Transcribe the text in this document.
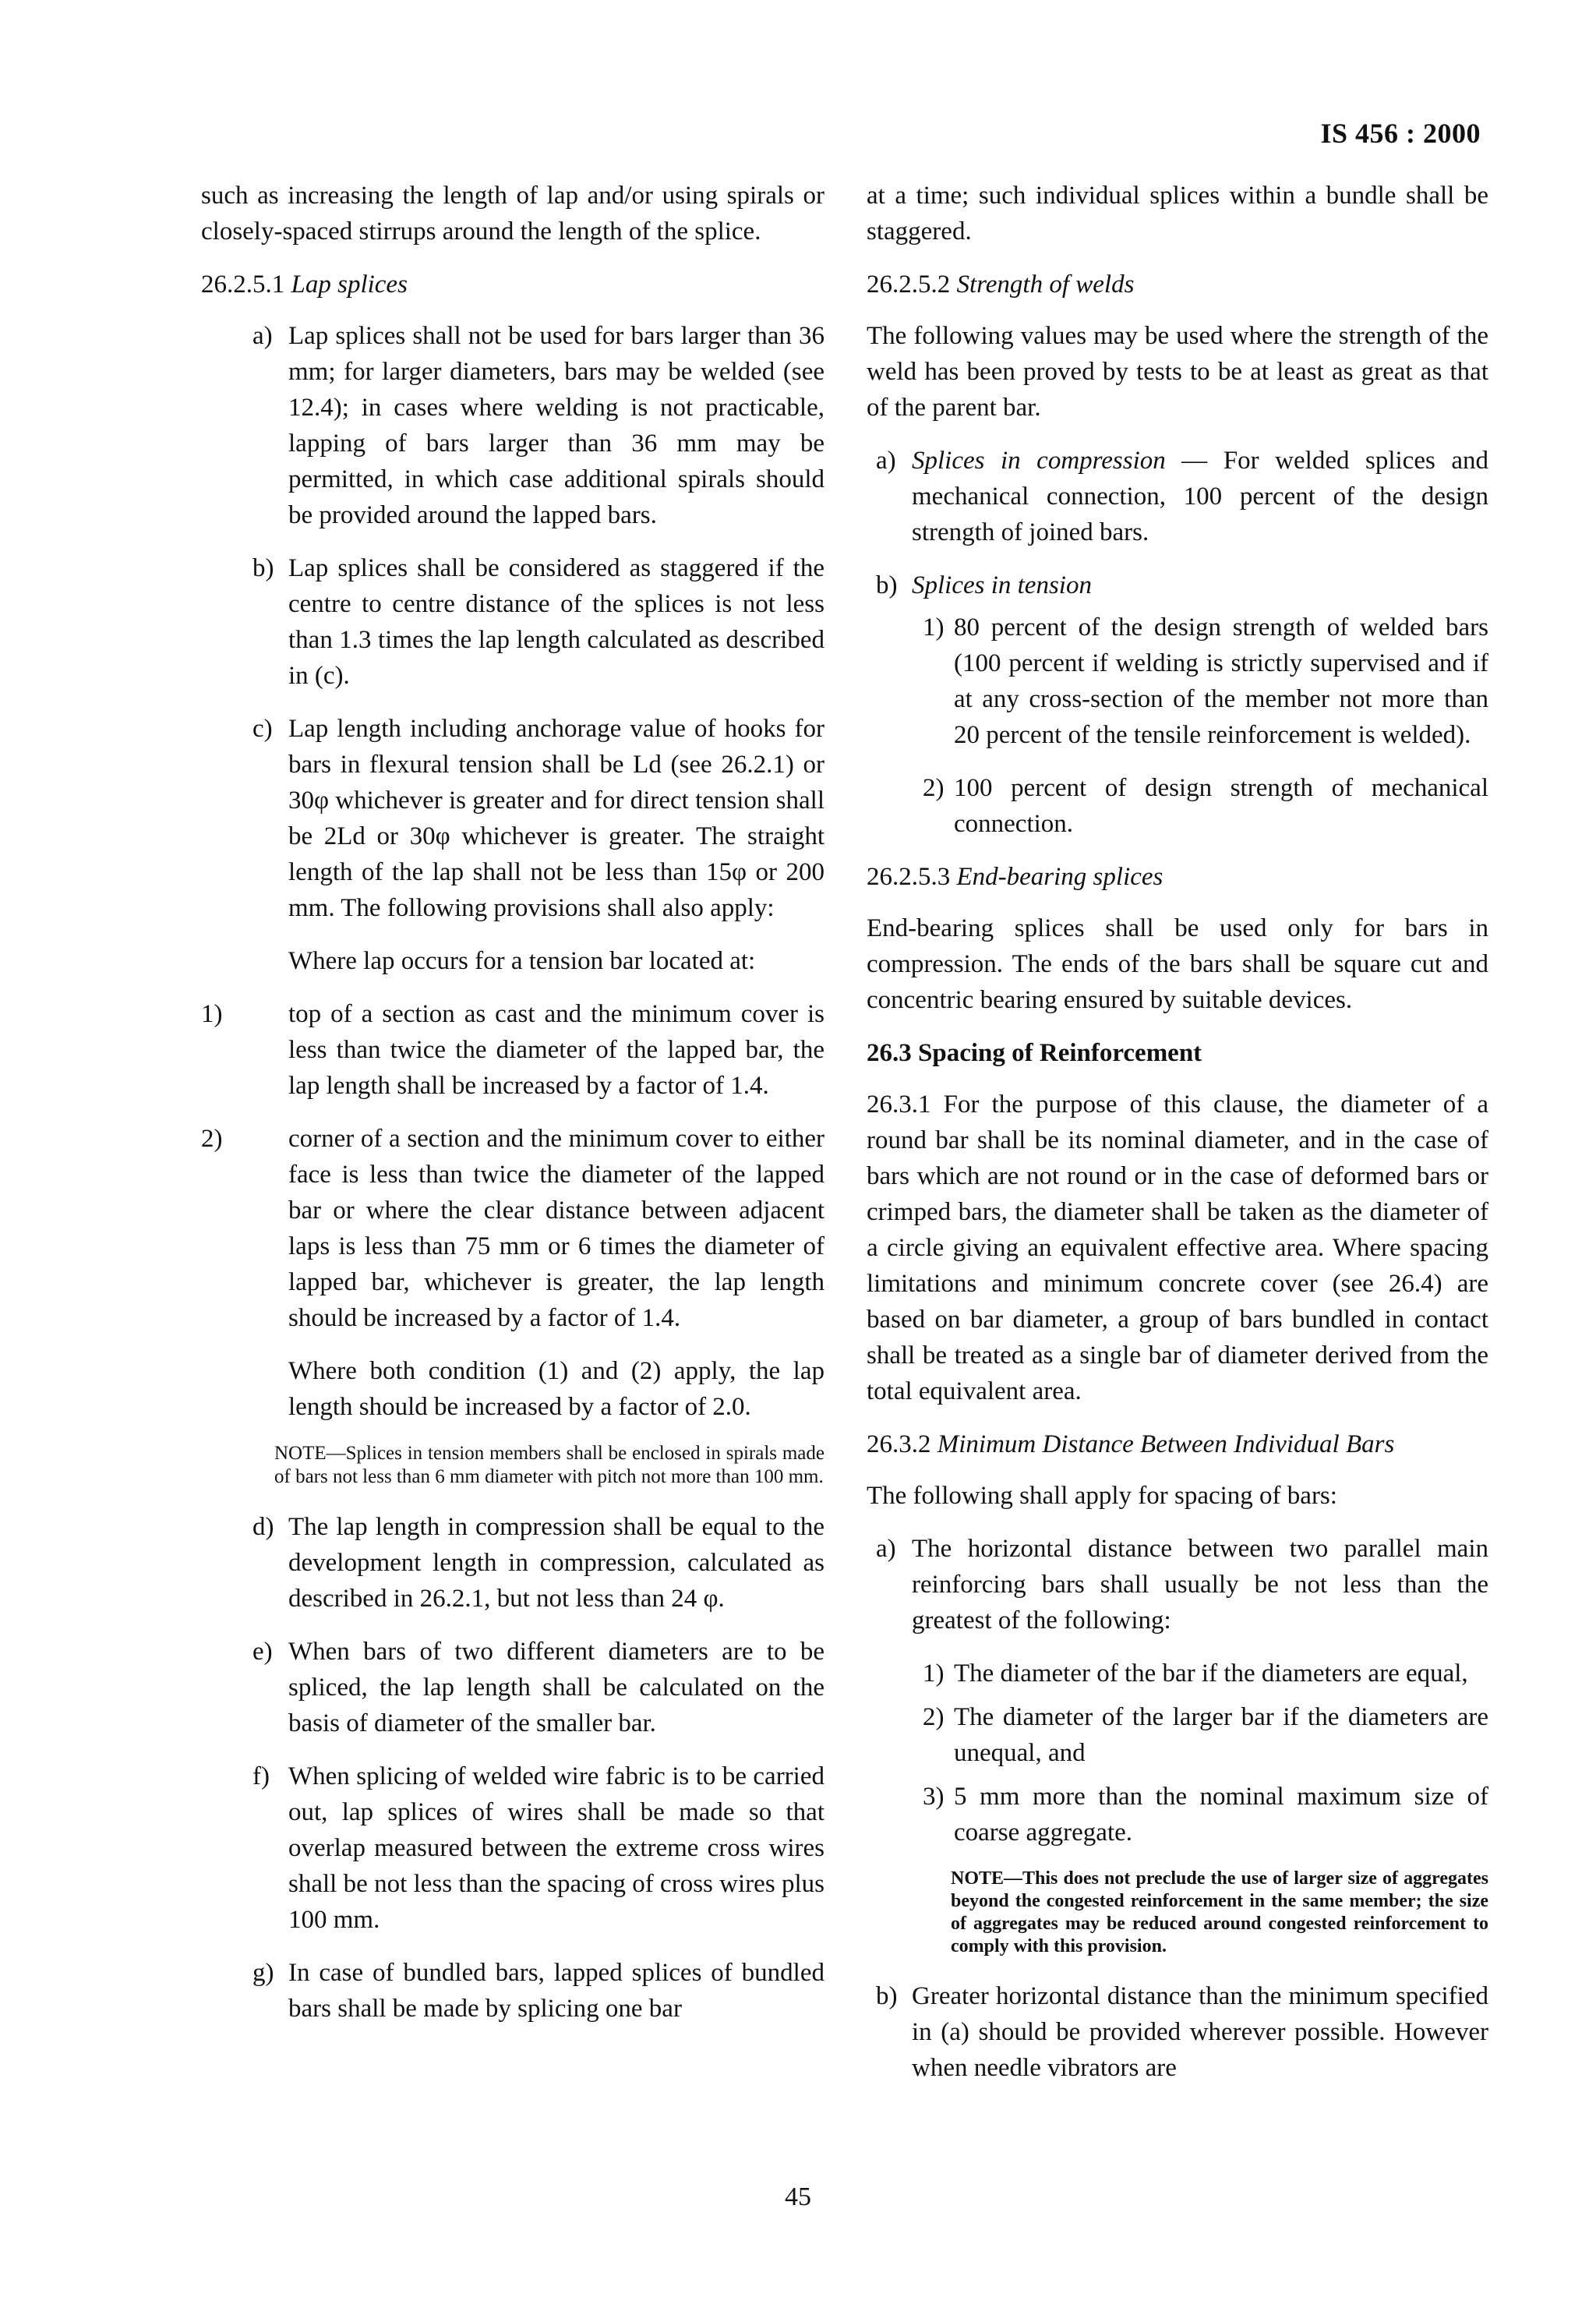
IS 456 : 2000

such as increasing the length of lap and/or using spirals or closely-spaced stirrups around the length of the splice.

26.2.5.1 Lap splices
a) Lap splices shall not be used for bars larger than 36 mm; for larger diameters, bars may be welded (see 12.4); in cases where welding is not practicable, lapping of bars larger than 36 mm may be permitted, in which case additional spirals should be provided around the lapped bars.
b) Lap splices shall be considered as staggered if the centre to centre distance of the splices is not less than 1.3 times the lap length calculated as described in (c).
c) Lap length including anchorage value of hooks for bars in flexural tension shall be Ld (see 26.2.1) or 30φ whichever is greater and for direct tension shall be 2Ld or 30φ whichever is greater. The straight length of the lap shall not be less than 15φ or 200 mm. The following provisions shall also apply:

Where lap occurs for a tension bar located at:

1)	top of a section as cast and the minimum cover is less than twice the diameter of the lapped bar, the lap length shall be increased by a factor of 1.4.
2)	corner of a section and the minimum cover to either face is less than twice the diameter of the lapped bar or where the clear distance between adjacent laps is less than 75 mm or 6 times the diameter of lapped bar, whichever is greater, the lap length should be increased by a factor of 1.4.

Where both condition (1) and (2) apply, the lap length should be increased by a factor of 2.0.

NOTE—Splices in tension members shall be enclosed in spirals made of bars not less than 6 mm diameter with pitch not more than 100 mm.

d) The lap length in compression shall be equal to the development length in compression, calculated as described in 26.2.1, but not less than 24 φ.
e) When bars of two different diameters are to be spliced, the lap length shall be calculated on the basis of diameter of the smaller bar.
f) When splicing of welded wire fabric is to be carried out, lap splices of wires shall be made so that overlap measured between the extreme cross wires shall be not less than the spacing of cross wires plus 100 mm.
g) In case of bundled bars, lapped splices of bundled bars shall be made by splicing one bar

at a time; such individual splices within a bundle shall be staggered.

26.2.5.2 Strength of welds

The following values may be used where the strength of the weld has been proved by tests to be at least as great as that of the parent bar.

a) Splices in compression — For welded splices and mechanical connection, 100 percent of the design strength of joined bars.
b) Splices in tension
1) 80 percent of the design strength of welded bars (100 percent if welding is strictly supervised and if at any cross-section of the member not more than 20 percent of the tensile reinforcement is welded).
2) 100 percent of design strength of mechanical connection.
26.2.5.3 End-bearing splices

End-bearing splices shall be used only for bars in compression. The ends of the bars shall be square cut and concentric bearing ensured by suitable devices.

26.3 Spacing of Reinforcement

26.3.1 For the purpose of this clause, the diameter of a round bar shall be its nominal diameter, and in the case of bars which are not round or in the case of deformed bars or crimped bars, the diameter shall be taken as the diameter of a circle giving an equivalent effective area. Where spacing limitations and minimum concrete cover (see 26.4) are based on bar diameter, a group of bars bundled in contact shall be treated as a single bar of diameter derived from the total equivalent area.

26.3.2 Minimum Distance Between Individual Bars

The following shall apply for spacing of bars:

a) The horizontal distance between two parallel main reinforcing bars shall usually be not less than the greatest of the following:
1) The diameter of the bar if the diameters are equal,
2) The diameter of the larger bar if the diameters are unequal, and
3) 5 mm more than the nominal maximum size of coarse aggregate.

NOTE—This does not preclude the use of larger size of aggregates beyond the congested reinforcement in the same member; the size of aggregates may be reduced around congested reinforcement to comply with this provision.

b) Greater horizontal distance than the minimum specified in (a) should be provided wherever possible. However when needle vibrators are
45
